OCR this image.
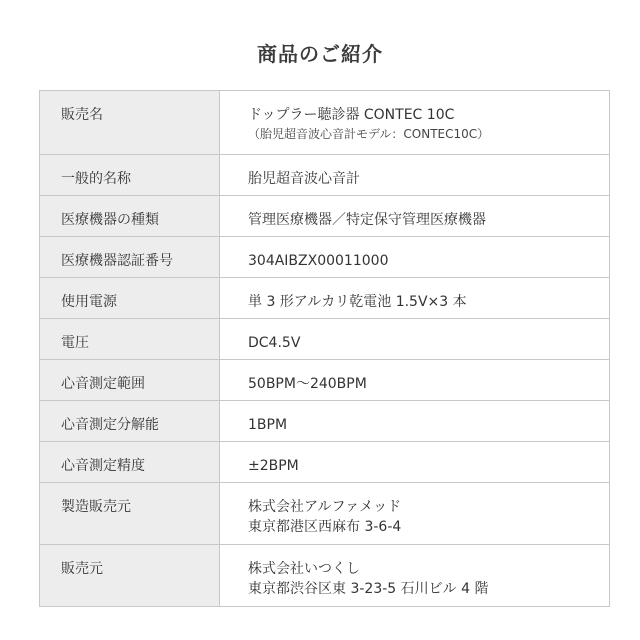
商品のご紹介
販売名	ドップラー聴診器 CONTEC 10C
（胎児超音波心音計モデル：CONTEC10C）

一般的名称	胎児超音波心音計
医療機器の種類	管理医療機器／特定保守管理医療機器
医療機器認証番号	304AIBZX00011000
使用電源	単 3 形アルカリ乾電池 1.5V×3 本
電圧	DC4.5V
心音測定範囲	50BPM～240BPM
心音測定分解能	1BPM
心音測定精度	±2BPM
製造販売元	株式会社アルファメッド
東京都港区西麻布 3-6-4

販売元	株式会社いつくし
東京都渋谷区東 3-23-5 石川ビル 4 階
